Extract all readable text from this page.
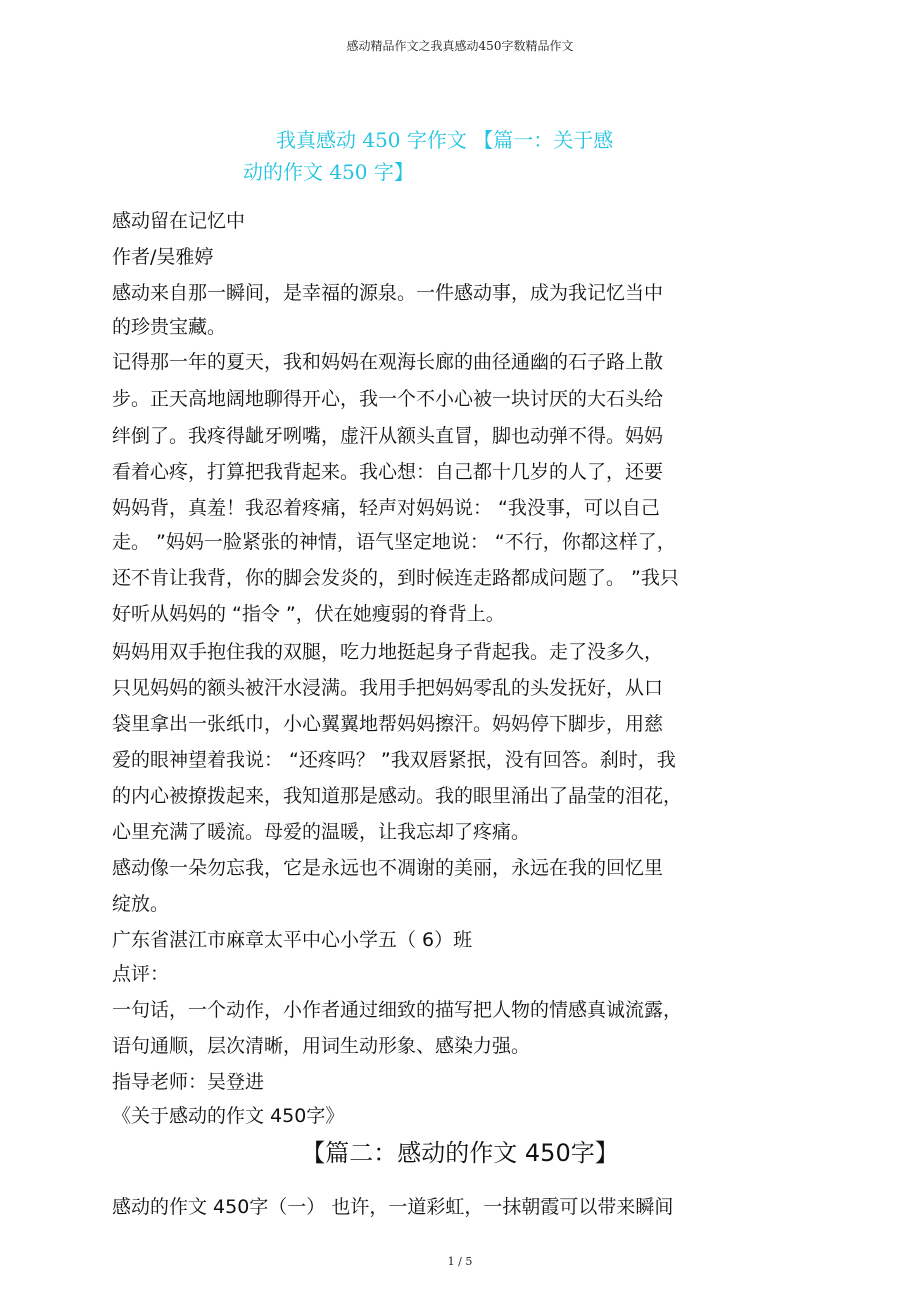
感动精品作文之我真感动450字数精品作文
我真感动 450 字作文 【篇一：关于感
动的作文 450 字】
感动留在记忆中
作者/吴雅婷
感动来自那一瞬间，是幸福的源泉。一件感动事，成为我记忆当中
的珍贵宝藏。
记得那一年的夏天，我和妈妈在观海长廊的曲径通幽的石子路上散
步。正天高地阔地聊得开心，我一个不小心被一块讨厌的大石头给
绊倒了。我疼得龇牙咧嘴，虚汗从额头直冒，脚也动弹不得。妈妈
看着心疼，打算把我背起来。我心想：自己都十几岁的人了，还要
妈妈背，真羞！我忍着疼痛，轻声对妈妈说： “我没事，可以自己
走。 ”妈妈一脸紧张的神情，语气坚定地说： “不行，你都这样了，
还不肯让我背，你的脚会发炎的，到时候连走路都成问题了。 ”我只
好听从妈妈的 “指令 ”，伏在她瘦弱的脊背上。
妈妈用双手抱住我的双腿，吃力地挺起身子背起我。走了没多久，
只见妈妈的额头被汗水浸满。我用手把妈妈零乱的头发抚好，从口
袋里拿出一张纸巾，小心翼翼地帮妈妈擦汗。妈妈停下脚步，用慈
爱的眼神望着我说： “还疼吗？ ”我双唇紧抿，没有回答。刹时，我
的内心被撩拨起来，我知道那是感动。我的眼里涌出了晶莹的泪花，
心里充满了暖流。母爱的温暖，让我忘却了疼痛。
感动像一朵勿忘我，它是永远也不凋谢的美丽，永远在我的回忆里
绽放。
广东省湛江市麻章太平中心小学五（ 6）班
点评：
一句话，一个动作，小作者通过细致的描写把人物的情感真诚流露，
语句通顺，层次清晰，用词生动形象、感染力强。
指导老师：吴登进
《关于感动的作文 450字》
【篇二：感动的作文 450字】
感动的作文 450字（一） 也许，一道彩虹，一抹朝霞可以带来瞬间
1 / 5
